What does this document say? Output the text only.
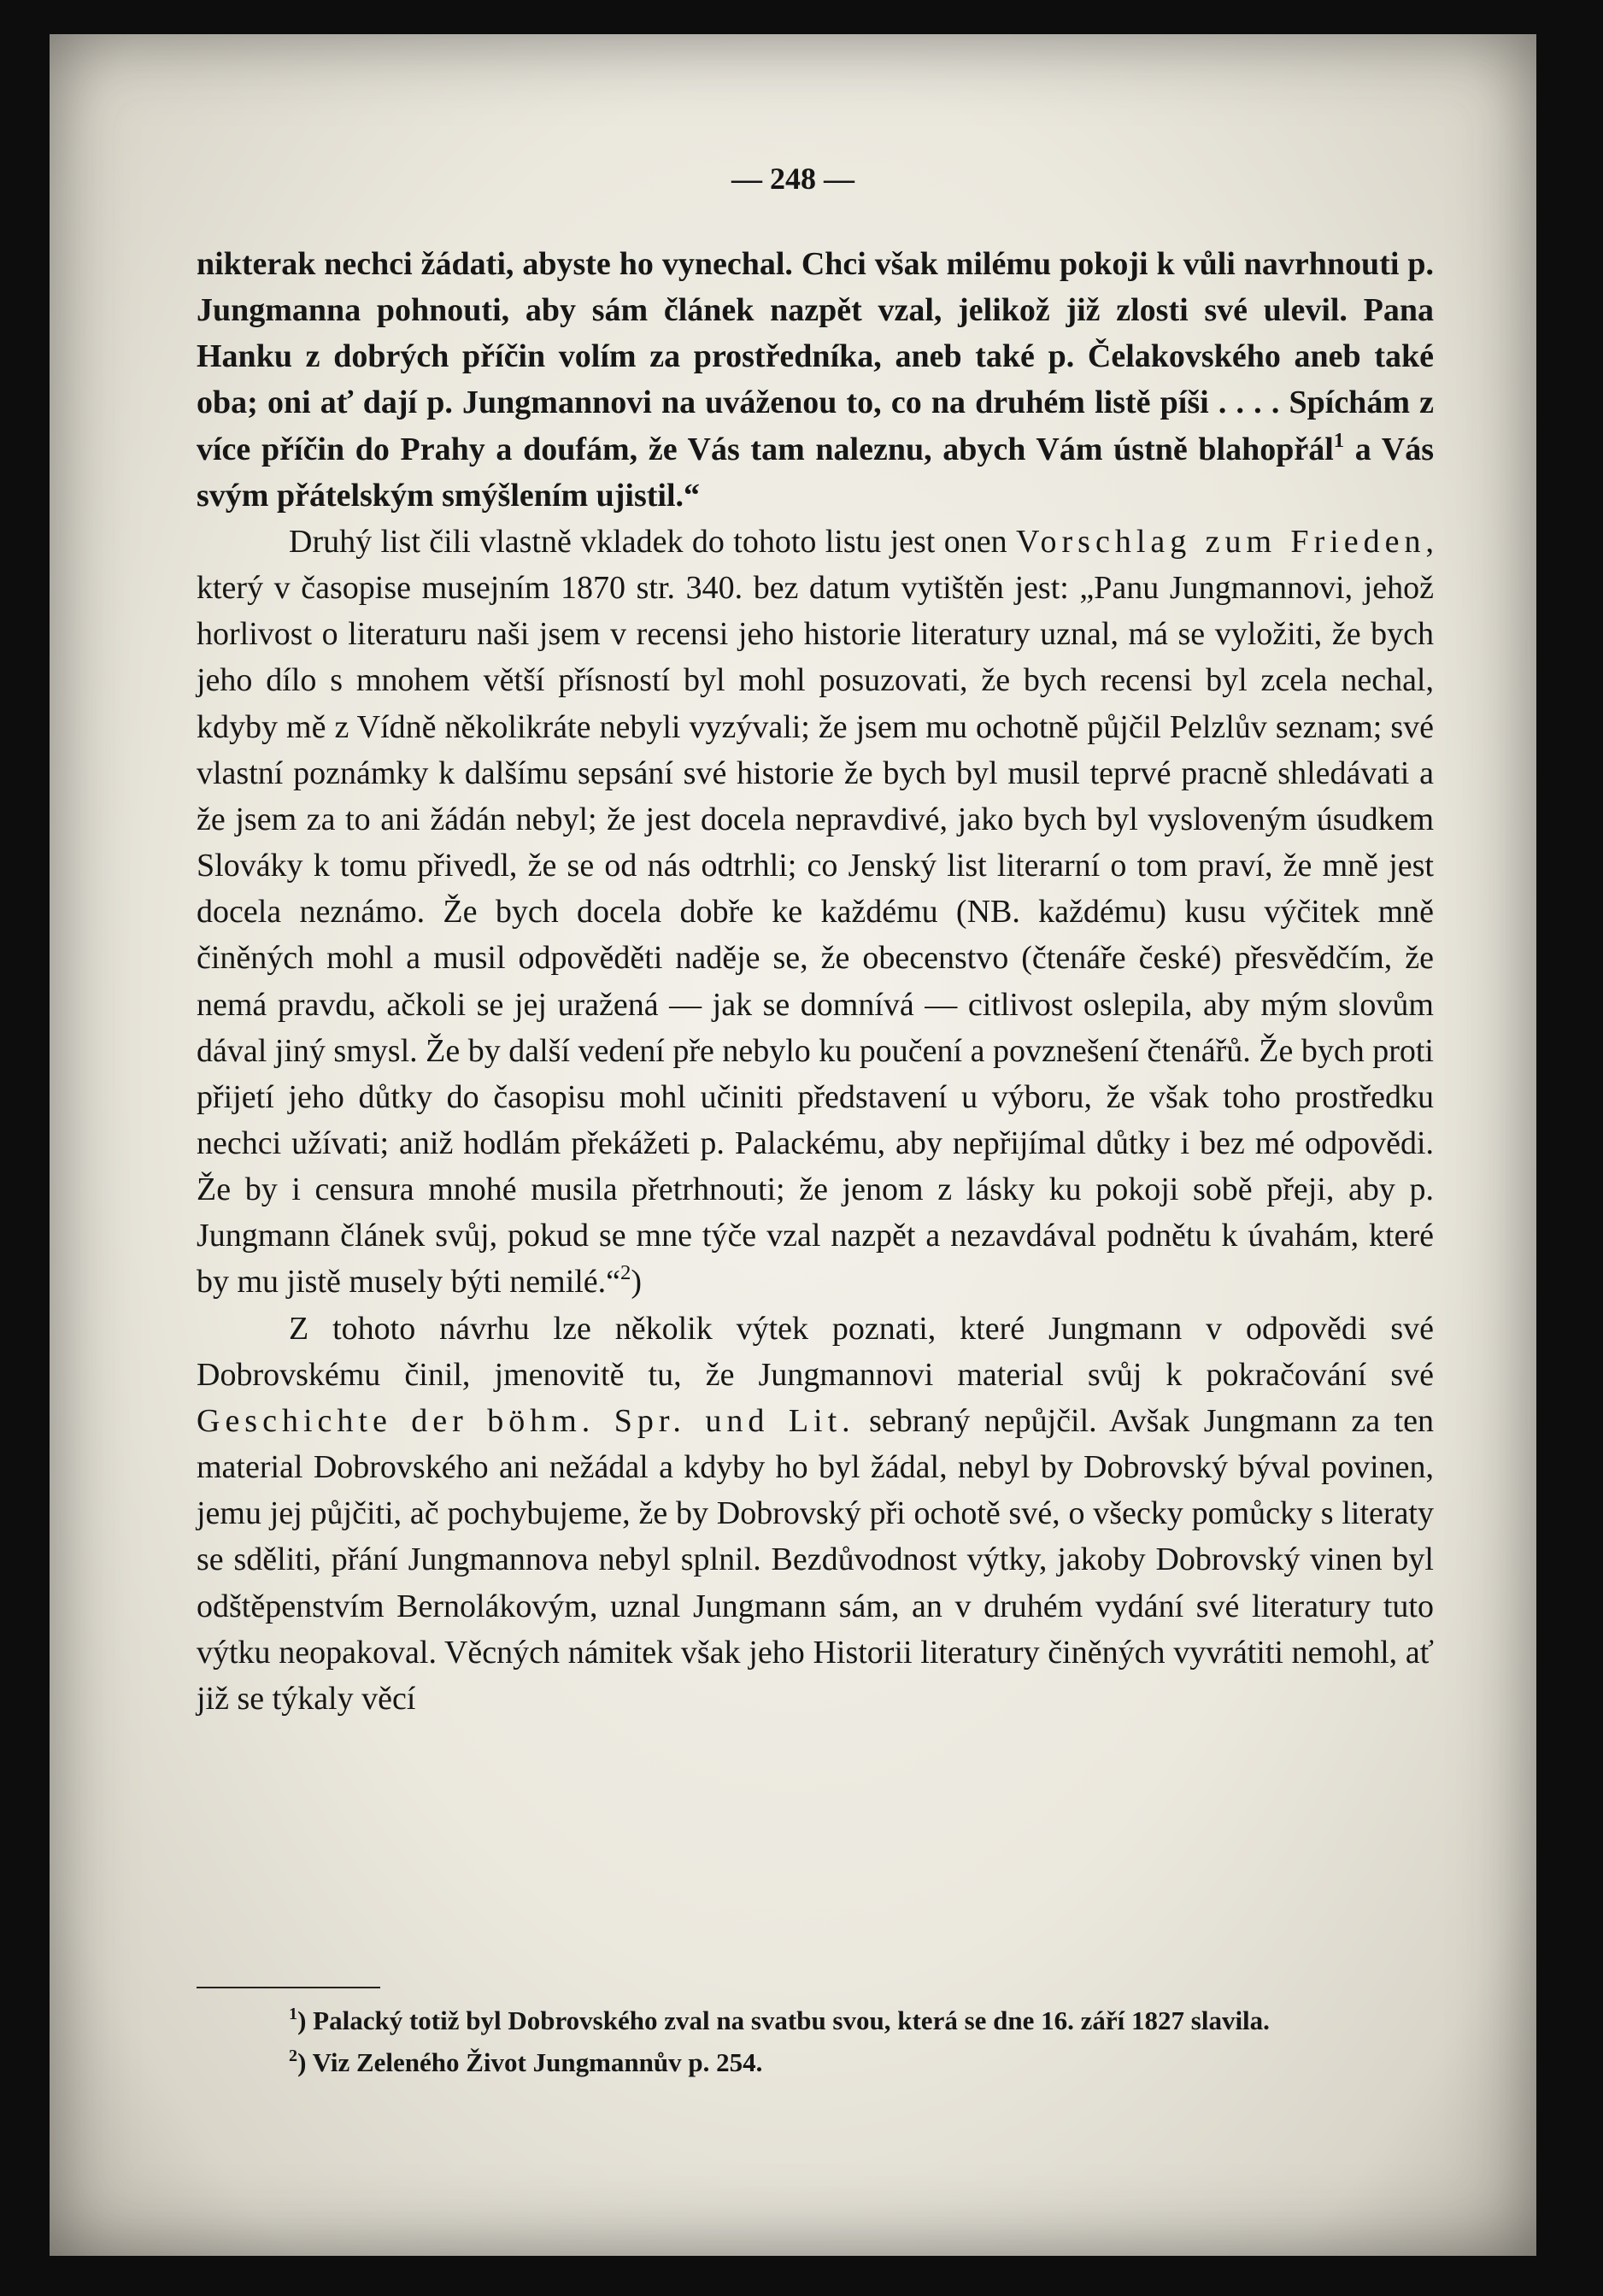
— 248 —

nikterak nechci žádati, abyste ho vynechal. Chci však milému pokoji k vůli navrhnouti p. Jungmanna pohnouti, aby sám článek nazpět vzal, jelikož již zlosti své ulevil. Pana Hanku z dobrých příčin volím za prostředníka, aneb také p. Čelakovského aneb také oba; oni ať dají p. Jungmannovi na uváženou to, co na druhém listě píši . . . . Spíchám z více příčin do Prahy a doufám, že Vás tam naleznu, abych Vám ústně blahopřál$^1$ a Vás svým přátelským smýšlením ujistil.“

Druhý list čili vlastně vkladek do tohoto listu jest onen Vorschlag zum Frieden, který v časopise musejním 1870 str. 340. bez datum vytištěn jest: „Panu Jungmannovi, jehož horlivost o literaturu naši jsem v recensi jeho historie literatury uznal, má se vyložiti, že bych jeho dílo s mnohem větší přísností byl mohl posuzovati, že bych recensi byl zcela nechal, kdyby mě z Vídně několikráte nebyli vyzývali; že jsem mu ochotně půjčil Pelzlův seznam; své vlastní poznámky k dalšímu sepsání své historie že bych byl musil teprvé pracně shledávati a že jsem za to ani žádán nebyl; že jest docela nepravdivé, jako bych byl vysloveným úsudkem Slováky k tomu přivedl, že se od nás odtrhli; co Jenský list literarní o tom praví, že mně jest docela neznámo. Že bych docela dobře ke každému (NB. každému) kusu výčitek mně činěných mohl a musil odpověděti naděje se, že obecenstvo (čtenáře české) přesvědčím, že nemá pravdu, ačkoli se jej uražená — jak se domnívá — citlivost oslepila, aby mým slovům dával jiný smysl. Že by další vedení pře nebylo ku poučení a povznešení čtenářů. Že bych proti přijetí jeho důtky do časopisu mohl učiniti představení u výboru, že však toho prostředku nechci užívati; aniž hodlám překážeti p. Palackému, aby nepřijímal důtky i bez mé odpovědi. Že by i censura mnohé musila přetrhnouti; že jenom z lásky ku pokoji sobě přeji, aby p. Jungmann článek svůj, pokud se mne týče vzal nazpět a nezavdával podnětu k úvahám, které by mu jistě musely býti nemilé.“$^2$)

Z tohoto návrhu lze několik výtek poznati, které Jungmann v odpovědi své Dobrovskému činil, jmenovitě tu, že Jungmannovi material svůj k pokračování své Geschichte der böhm. Spr. und Lit. sebraný nepůjčil. Avšak Jungmann za ten material Dobrovského ani nežádal a kdyby ho byl žádal, nebyl by Dobrovský býval povinen, jemu jej půjčiti, ač pochybujeme, že by Dobrovský při ochotě své, o všecky pomůcky s literaty se sděliti, přání Jungmannova nebyl splnil. Bezdůvodnost výtky, jakoby Dobrovský vinen byl odštěpenstvím Bernolákovým, uznal Jungmann sám, an v druhém vydání své literatury tuto výtku neopakoval. Věcných námitek však jeho Historii literatury činěných vyvrátiti nemohl, ať již se týkaly věcí

$^1$) Palacký totiž byl Dobrovského zval na svatbu svou, která se dne 16. září 1827 slavila.

$^2$) Viz Zeleného Život Jungmannův p. 254.
